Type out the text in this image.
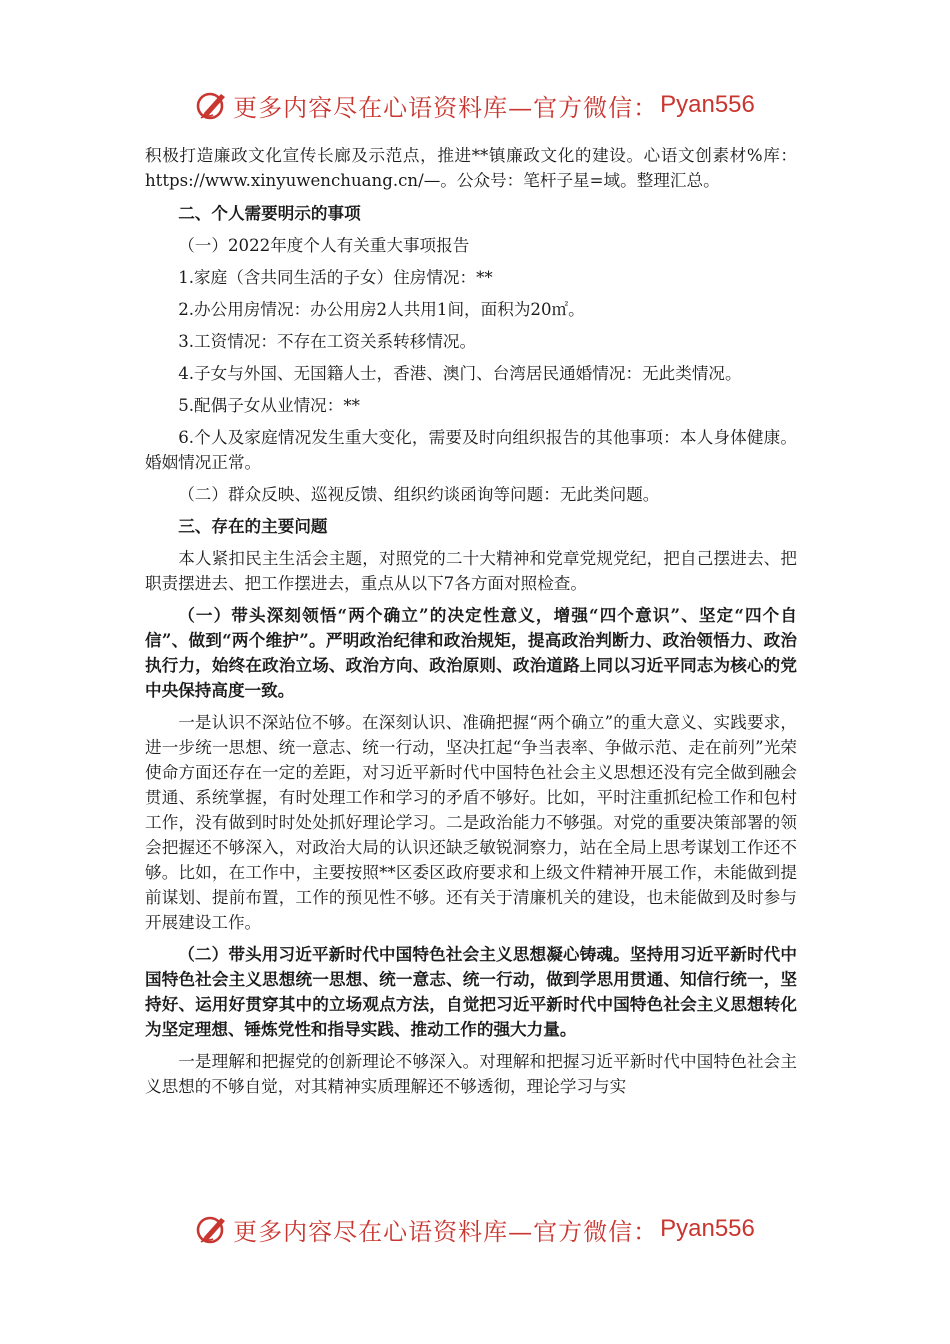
更多内容尽在心语资料库—官方微信： Pyan556

积极打造廉政文化宣传长廊及示范点，推进**镇廉政文化的建设。心语文创素材%库：https://www.xinyuwenchuang.cn/—。公众号：笔杆子星=域。整理汇总。

二、个人需要明示的事项

（一）2022年度个人有关重大事项报告

1.家庭（含共同生活的子女）住房情况：**

2.办公用房情况：办公用房2人共用1间，面积为20㎡。

3.工资情况：不存在工资关系转移情况。

4.子女与外国、无国籍人士，香港、澳门、台湾居民通婚情况：无此类情况。

5.配偶子女从业情况：**

6.个人及家庭情况发生重大变化，需要及时向组织报告的其他事项：本人身体健康。婚姻情况正常。

（二）群众反映、巡视反馈、组织约谈函询等问题：无此类问题。

三、存在的主要问题

本人紧扣民主生活会主题，对照党的二十大精神和党章党规党纪，把自己摆进去、把职责摆进去、把工作摆进去，重点从以下7各方面对照检查。

（一）带头深刻领悟“两个确立”的决定性意义，增强“四个意识”、坚定“四个自信”、做到“两个维护”。严明政治纪律和政治规矩，提高政治判断力、政治领悟力、政治执行力，始终在政治立场、政治方向、政治原则、政治道路上同以习近平同志为核心的党中央保持高度一致。

一是认识不深站位不够。在深刻认识、准确把握“两个确立”的重大意义、实践要求，进一步统一思想、统一意志、统一行动，坚决扛起“争当表率、争做示范、走在前列”光荣使命方面还存在一定的差距，对习近平新时代中国特色社会主义思想还没有完全做到融会贯通、系统掌握，有时处理工作和学习的矛盾不够好。比如，平时注重抓纪检工作和包村工作，没有做到时时处处抓好理论学习。二是政治能力不够强。对党的重要决策部署的领会把握还不够深入，对政治大局的认识还缺乏敏锐洞察力，站在全局上思考谋划工作还不够。比如，在工作中，主要按照**区委区政府要求和上级文件精神开展工作，未能做到提前谋划、提前布置，工作的预见性不够。还有关于清廉机关的建设，也未能做到及时参与开展建设工作。

（二）带头用习近平新时代中国特色社会主义思想凝心铸魂。坚持用习近平新时代中国特色社会主义思想统一思想、统一意志、统一行动，做到学思用贯通、知信行统一，坚持好、运用好贯穿其中的立场观点方法，自觉把习近平新时代中国特色社会主义思想转化为坚定理想、锤炼党性和指导实践、推动工作的强大力量。

一是理解和把握党的创新理论不够深入。对理解和把握习近平新时代中国特色社会主义思想的不够自觉，对其精神实质理解还不够透彻，理论学习与实

更多内容尽在心语资料库—官方微信： Pyan556
